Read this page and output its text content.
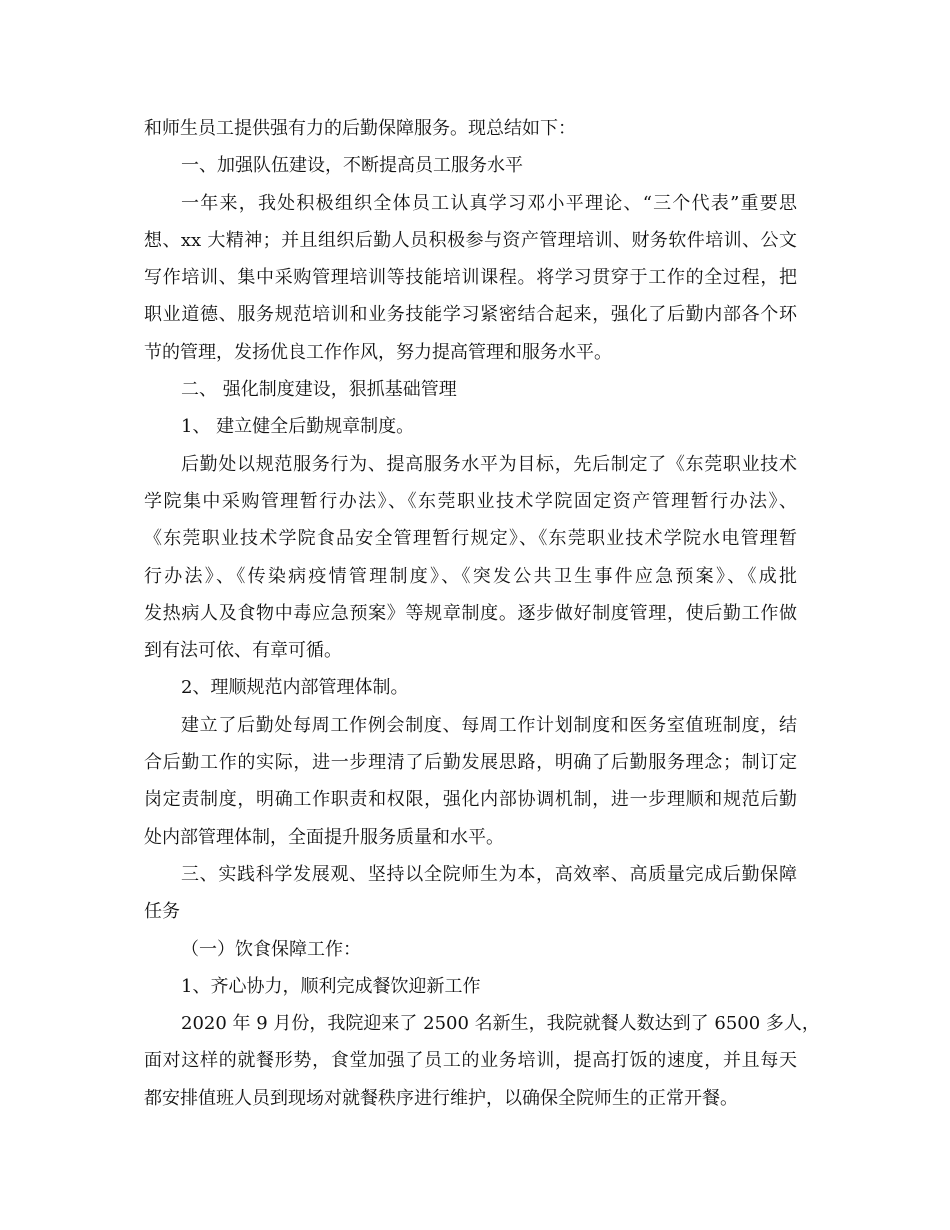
和师生员工提供强有力的后勤保障服务。现总结如下：
一、加强队伍建设，不断提高员工服务水平
一年来，我处积极组织全体员工认真学习邓小平理论、“三个代表”重要思
想、xx 大精神；并且组织后勤人员积极参与资产管理培训、财务软件培训、公文
写作培训、集中采购管理培训等技能培训课程。将学习贯穿于工作的全过程，把
职业道德、服务规范培训和业务技能学习紧密结合起来，强化了后勤内部各个环
节的管理，发扬优良工作作风，努力提高管理和服务水平。
二、 强化制度建设，狠抓基础管理
1、 建立健全后勤规章制度。
后勤处以规范服务行为、提高服务水平为目标，先后制定了《东莞职业技术
学院集中采购管理暂行办法》、《东莞职业技术学院固定资产管理暂行办法》、
《东莞职业技术学院食品安全管理暂行规定》、《东莞职业技术学院水电管理暂
行办法》、《传染病疫情管理制度》、《突发公共卫生事件应急预案》、《成批
发热病人及食物中毒应急预案》等规章制度。逐步做好制度管理，使后勤工作做
到有法可依、有章可循。
2、理顺规范内部管理体制。
建立了后勤处每周工作例会制度、每周工作计划制度和医务室值班制度，结
合后勤工作的实际，进一步理清了后勤发展思路，明确了后勤服务理念；制订定
岗定责制度，明确工作职责和权限，强化内部协调机制，进一步理顺和规范后勤
处内部管理体制，全面提升服务质量和水平。
三、实践科学发展观、坚持以全院师生为本，高效率、高质量完成后勤保障
任务
（一）饮食保障工作：
1、齐心协力，顺利完成餐饮迎新工作
2020 年 9 月份，我院迎来了 2500 名新生，我院就餐人数达到了 6500 多人，
面对这样的就餐形势，食堂加强了员工的业务培训，提高打饭的速度，并且每天
都安排值班人员到现场对就餐秩序进行维护，以确保全院师生的正常开餐。
